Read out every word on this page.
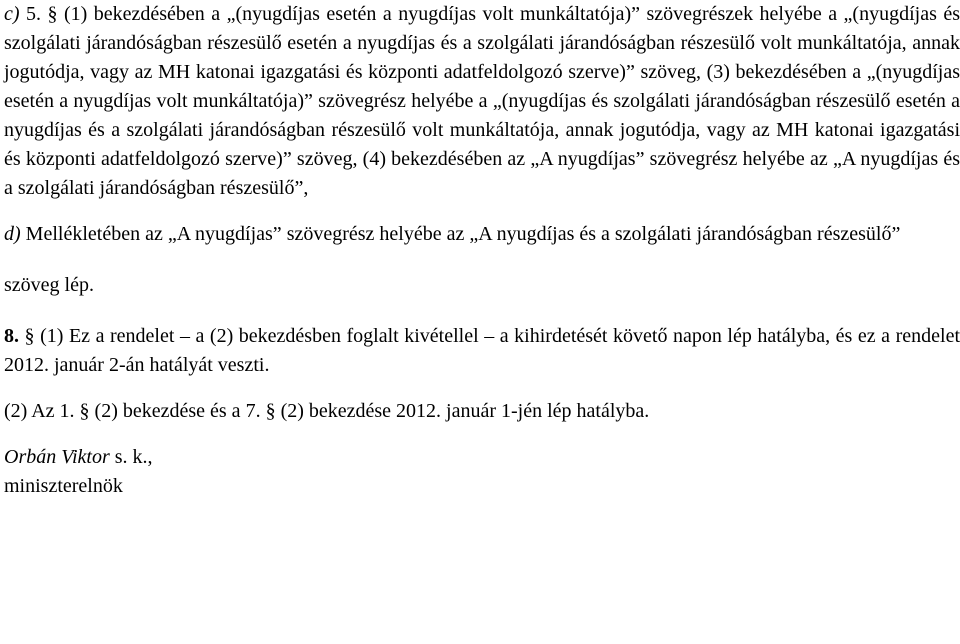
c) 5. § (1) bekezdésében a „(nyugdíjas esetén a nyugdíjas volt munkáltatója)” szövegrészek helyébe a „(nyugdíjas és szolgálati járandóságban részesülő esetén a nyugdíjas és a szolgálati járandóságban részesülő volt munkáltatója, annak jogutódja, vagy az MH katonai igazgatási és központi adatfeldolgozó szerve)” szöveg, (3) bekezdésében a „(nyugdíjas esetén a nyugdíjas volt munkáltatója)” szövegrész helyébe a „(nyugdíjas és szolgálati járandóságban részesülő esetén a nyugdíjas és a szolgálati járandóságban részesülő volt munkáltatója, annak jogutódja, vagy az MH katonai igazgatási és központi adatfeldolgozó szerve)” szöveg, (4) bekezdésében az „A nyugdíjas” szövegrész helyébe az „A nyugdíjas és a szolgálati járandóságban részesülő”,

d) Mellékletében az „A nyugdíjas” szövegrész helyébe az „A nyugdíjas és a szolgálati járandóságban részesülő”

szöveg lép.

8. § (1) Ez a rendelet – a (2) bekezdésben foglalt kivétellel – a kihirdetését követő napon lép hatályba, és ez a rendelet 2012. január 2-án hatályát veszti.

(2) Az 1. § (2) bekezdése és a 7. § (2) bekezdése 2012. január 1-jén lép hatályba.

Orbán Viktor s. k.,

miniszterelnök
